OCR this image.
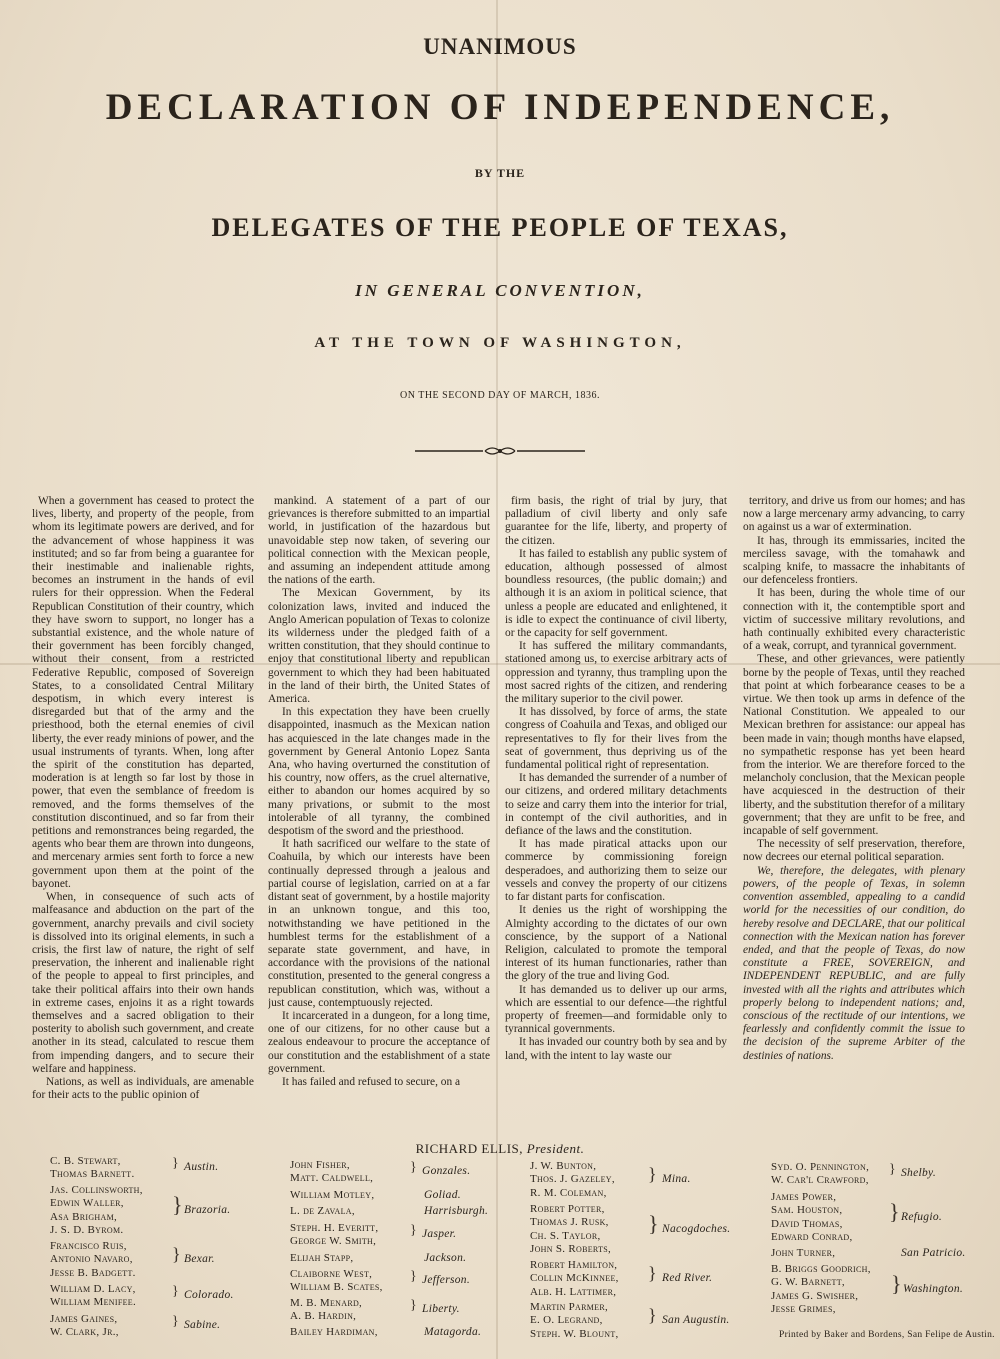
UNANIMOUS
DECLARATION OF INDEPENDENCE,
BY THE
DELEGATES OF THE PEOPLE OF TEXAS,
IN GENERAL CONVENTION,
AT THE TOWN OF WASHINGTON,
ON THE SECOND DAY OF MARCH, 1836.

When a government has ceased to protect the lives, liberty, and property of the people, from whom its legitimate powers are derived, and for the advancement of whose happiness it was instituted; and so far from being a guarantee for their inestimable and inalienable rights, becomes an instrument in the hands of evil rulers for their oppression. When the Federal Republican Constitution of their country, which they have sworn to support, no longer has a substantial existence, and the whole nature of their government has been forcibly changed, without their consent, from a restricted Federative Republic, composed of Sovereign States, to a consolidated Central Military despotism, in which every interest is disregarded but that of the army and the priesthood, both the eternal enemies of civil liberty, the ever ready minions of power, and the usual instruments of tyrants. When, long after the spirit of the constitution has departed, moderation is at length so far lost by those in power, that even the semblance of freedom is removed, and the forms themselves of the constitution discontinued, and so far from their petitions and remonstrances being regarded, the agents who bear them are thrown into dungeons, and mercenary armies sent forth to force a new government upon them at the point of the bayonet.

When, in consequence of such acts of malfeasance and abduction on the part of the government, anarchy prevails and civil society is dissolved into its original elements, in such a crisis, the first law of nature, the right of self preservation, the inherent and inalienable right of the people to appeal to first principles, and take their political affairs into their own hands in extreme cases, enjoins it as a right towards themselves and a sacred obligation to their posterity to abolish such government, and create another in its stead, calculated to rescue them from impending dangers, and to secure their welfare and happiness.

Nations, as well as individuals, are amenable for their acts to the public opinion of

mankind. A statement of a part of our grievances is therefore submitted to an impartial world, in justification of the hazardous but unavoidable step now taken, of severing our political connection with the Mexican people, and assuming an independent attitude among the nations of the earth.

The Mexican Government, by its colonization laws, invited and induced the Anglo American population of Texas to colonize its wilderness under the pledged faith of a written constitution, that they should continue to enjoy that constitutional liberty and republican government to which they had been habituated in the land of their birth, the United States of America.

In this expectation they have been cruelly disappointed, inasmuch as the Mexican nation has acquiesced in the late changes made in the government by General Antonio Lopez Santa Ana, who having overturned the constitution of his country, now offers, as the cruel alternative, either to abandon our homes acquired by so many privations, or submit to the most intolerable of all tyranny, the combined despotism of the sword and the priesthood.

It hath sacrificed our welfare to the state of Coahuila, by which our interests have been continually depressed through a jealous and partial course of legislation, carried on at a far distant seat of government, by a hostile majority in an unknown tongue, and this too, notwithstanding we have petitioned in the humblest terms for the establishment of a separate state government, and have, in accordance with the provisions of the national constitution, presented to the general congress a republican constitution, which was, without a just cause, contemptuously rejected.

It incarcerated in a dungeon, for a long time, one of our citizens, for no other cause but a zealous endeavour to procure the acceptance of our constitution and the establishment of a state government.

It has failed and refused to secure, on a

firm basis, the right of trial by jury, that palladium of civil liberty and only safe guarantee for the life, liberty, and property of the citizen.

It has failed to establish any public system of education, although possessed of almost boundless resources, (the public domain;) and although it is an axiom in political science, that unless a people are educated and enlightened, it is idle to expect the continuance of civil liberty, or the capacity for self government.

It has suffered the military commandants, stationed among us, to exercise arbitrary acts of oppression and tyranny, thus trampling upon the most sacred rights of the citizen, and rendering the military superior to the civil power.

It has dissolved, by force of arms, the state congress of Coahuila and Texas, and obliged our representatives to fly for their lives from the seat of government, thus depriving us of the fundamental political right of representation.

It has demanded the surrender of a number of our citizens, and ordered military detachments to seize and carry them into the interior for trial, in contempt of the civil authorities, and in defiance of the laws and the constitution.

It has made piratical attacks upon our commerce by commissioning foreign desperadoes, and authorizing them to seize our vessels and convey the property of our citizens to far distant parts for confiscation.

It denies us the right of worshipping the Almighty according to the dictates of our own conscience, by the support of a National Religion, calculated to promote the temporal interest of its human functionaries, rather than the glory of the true and living God.

It has demanded us to deliver up our arms, which are essential to our defence—the rightful property of freemen—and formidable only to tyrannical governments.

It has invaded our country both by sea and by land, with the intent to lay waste our

territory, and drive us from our homes; and has now a large mercenary army advancing, to carry on against us a war of extermination.

It has, through its emmissaries, incited the merciless savage, with the tomahawk and scalping knife, to massacre the inhabitants of our defenceless frontiers.

It has been, during the whole time of our connection with it, the contemptible sport and victim of successive military revolutions, and hath continually exhibited every characteristic of a weak, corrupt, and tyrannical government.

These, and other grievances, were patiently borne by the people of Texas, until they reached that point at which forbearance ceases to be a virtue. We then took up arms in defence of the National Constitution. We appealed to our Mexican brethren for assistance: our appeal has been made in vain; though months have elapsed, no sympathetic response has yet been heard from the interior. We are therefore forced to the melancholy conclusion, that the Mexican people have acquiesced in the destruction of their liberty, and the substitution therefor of a military government; that they are unfit to be free, and incapable of self government.

The necessity of self preservation, therefore, now decrees our eternal political separation.

We, therefore, the delegates, with plenary powers, of the people of Texas, in solemn convention assembled, appealing to a candid world for the necessities of our condition, do hereby resolve and DECLARE, that our political connection with the Mexican nation has forever ended, and that the people of Texas, do now constitute a FREE, SOVEREIGN, and INDEPENDENT REPUBLIC, and are fully invested with all the rights and attributes which properly belong to independent nations; and, conscious of the rectitude of our intentions, we fearlessly and confidently commit the issue to the decision of the supreme Arbiter of the destinies of nations.

RICHARD ELLIS, President.
C. B. Stewart,
Thomas Barnett.
} Austin.
Jas. Collinsworth,
Edwin Waller,
Asa Brigham,
J. S. D. Byrom.
} Brazoria.
Francisco Ruis,
Antonio Navaro,
Jesse B. Badgett.
} Bexar.
William D. Lacy,
William Menifee.
} Colorado.
James Gaines,
W. Clark, Jr.,
} Sabine.
John Fisher,
Matt. Caldwell,
} Gonzales.
William Motley,	Goliad.
L. de Zavala,	Harrisburgh.
Steph. H. Everitt,
George W. Smith,
} Jasper.
Elijah Stapp,	Jackson.
Claiborne West,
William B. Scates,
} Jefferson.
M. B. Menard,
A. B. Hardin,
} Liberty.
Bailey Hardiman,	Matagorda.
J. W. Bunton,
Thos. J. Gazeley,
R. M. Coleman,
} Mina.
Robert Potter,
Thomas J. Rusk,
Ch. S. Taylor,
John S. Roberts,
} Nacogdoches.
Robert Hamilton,
Collin McKinnee,
Alb. H. Lattimer,
} Red River.
Martin Parmer,
E. O. Legrand,
Steph. W. Blount,
} San Augustin.
Syd. O. Pennington,
W. Car'l Crawford,
} Shelby.
James Power,
Sam. Houston,
David Thomas,
Edward Conrad,
} Refugio.
John Turner,	San Patricio.
B. Briggs Goodrich,
G. W. Barnett,
James G. Swisher,
Jesse Grimes,
} Washington.
Printed by Baker and Bordens, San Felipe de Austin.
